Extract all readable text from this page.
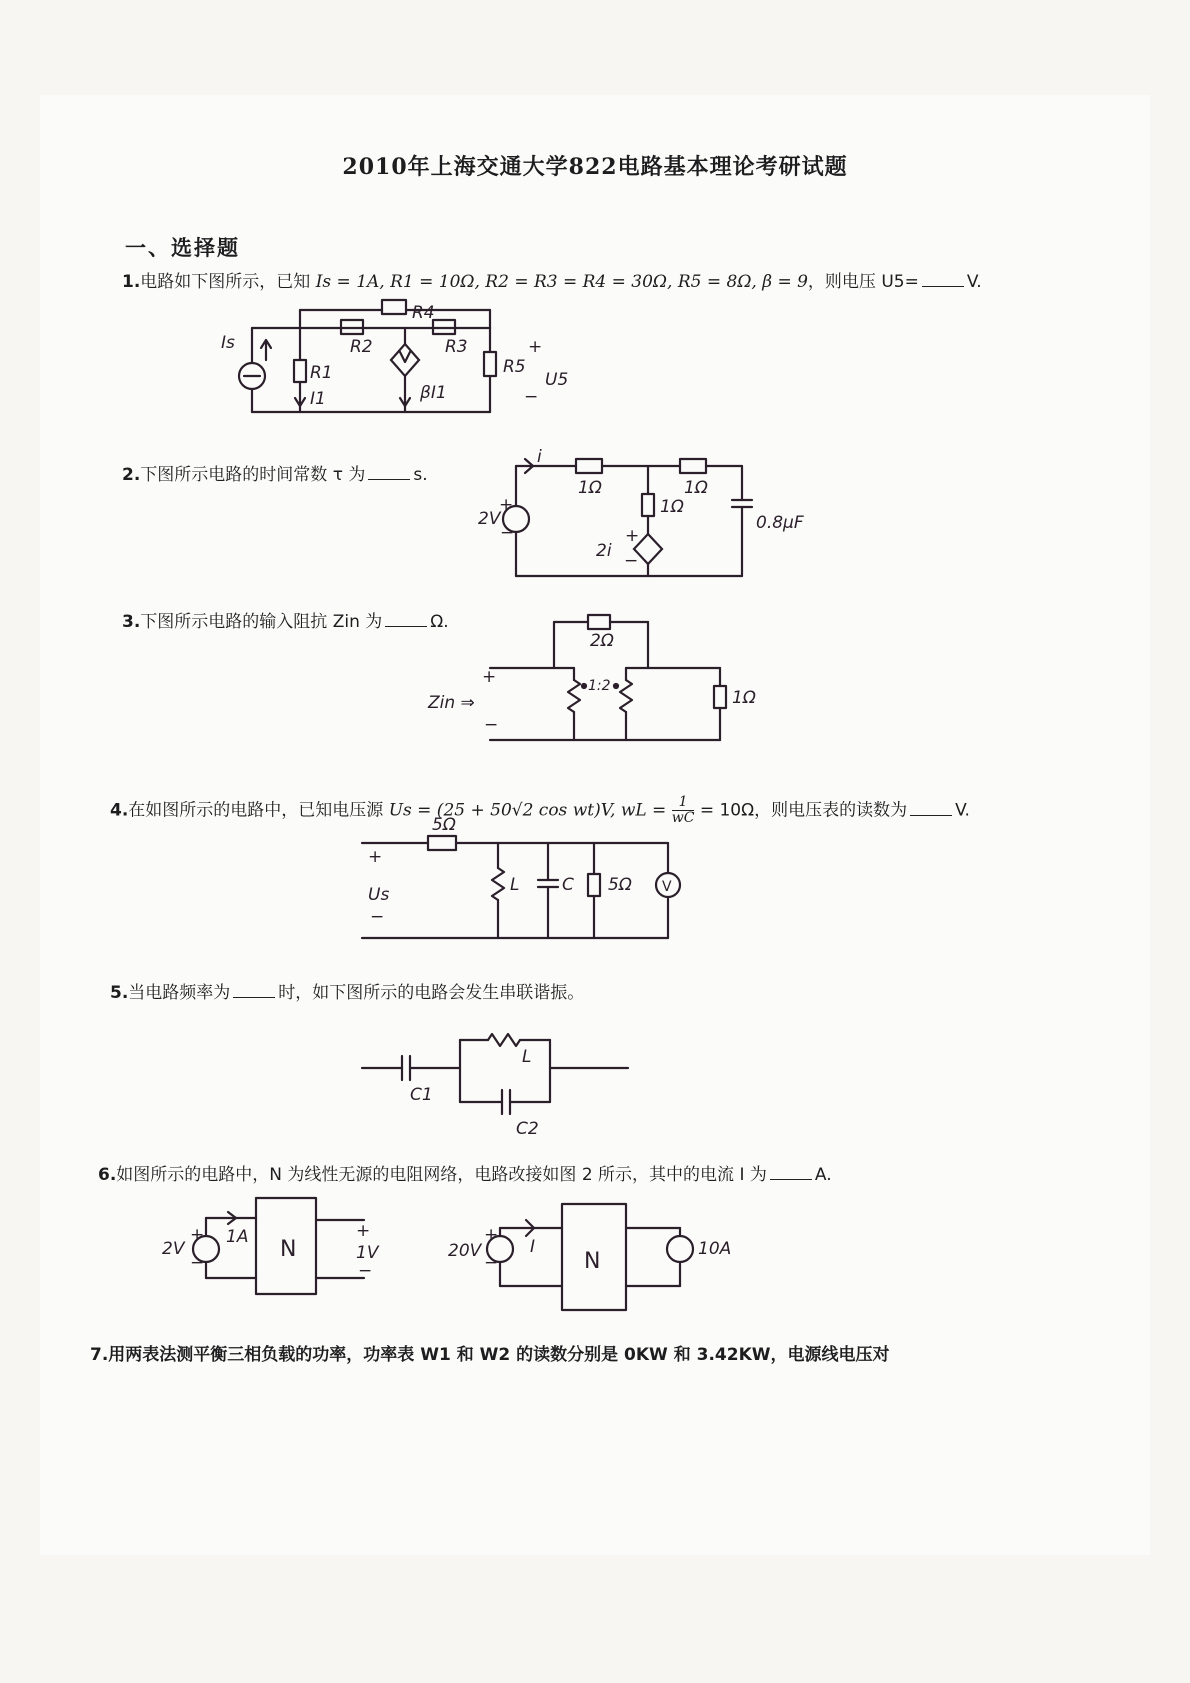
2010年上海交通大学822电路基本理论考研试题
一、选择题
1.电路如下图所示，已知 Is = 1A, R1 = 10Ω, R2 = R3 = R4 = 30Ω, R5 = 8Ω, β = 9，则电压 U5=	V.
Is
R1
I1
R2	R3
R4
βI1
R5
+
U5
−
2.下图所示电路的时间常数 τ 为	s.
i
2V
+
−
1Ω	1Ω
1Ω
2i
+
−
0.8μF
3.下图所示电路的输入阻抗 Zin 为	Ω.
2Ω
1:2
1Ω
Zin ⇒
+
−
4.在如图所示的电路中，已知电压源 Us = (25 + 50√2 cos wt)V, wL = $\frac{1}{wC} = 10\Omega$，则电压表的读数为	V.
5Ω
L	C 5Ω V
+
Us
−
5.当电路频率为	时，如下图所示的电路会发生串联谐振。
C1
L
C2
6.如图所示的电路中，N 为线性无源的电阻网络，电路改接如图 2 所示，其中的电流 I 为	A.
N
2V
+
−
1A	+
1V
−	N
20V
+
−
I	10A
7.用两表法测平衡三相负载的功率，功率表 W1 和 W2 的读数分别是 0KW 和 3.42KW，电源线电压对
